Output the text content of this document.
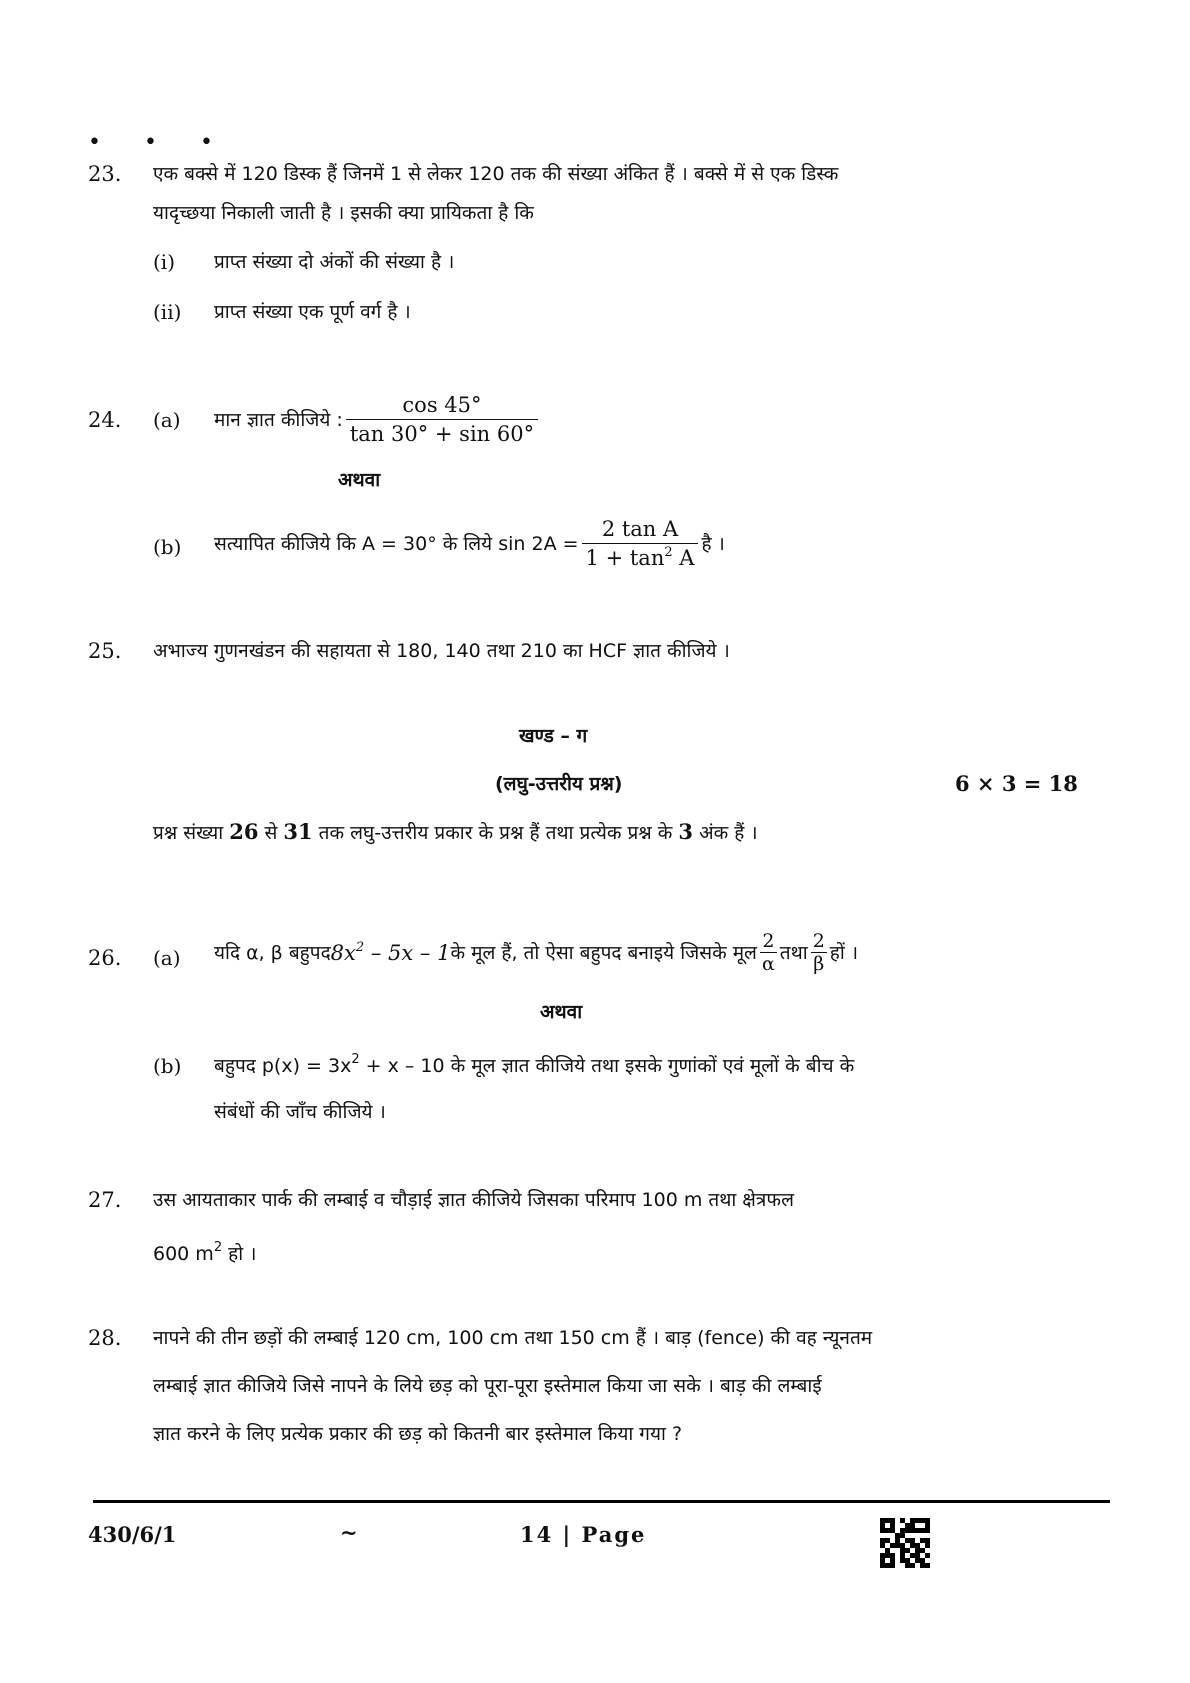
• • •
23. एक बक्से में 120 डिस्क हैं जिनमें 1 से लेकर 120 तक की संख्या अंकित हैं । बक्से में से एक डिस्क
यादृच्छया निकाली जाती है । इसकी क्या प्रायिकता है कि
(i) प्राप्त संख्या दो अंकों की संख्या है ।
(ii) प्राप्त संख्या एक पूर्ण वर्ग है ।
24. (a) मान ज्ञात कीजिये : $\frac{\cos 45^\circ}{\tan 30^\circ + \sin 60^\circ}$
अथवा
(b) सत्यापित कीजिये कि A = 30° के लिये $\sin 2A = \frac{\text{2 tan A}}{1 + \tan^2 A}$ है ।
25. अभाज्य गुणनखंडन की सहायता से 180, 140 तथा 210 का HCF ज्ञात कीजिये ।
खण्ड – ग
(लघु-उत्तरीय प्रश्न)	6 × 3 = 18
प्रश्न संख्या 26 से 31 तक लघु-उत्तरीय प्रकार के प्रश्न हैं तथा प्रत्येक प्रश्न के 3 अंक हैं ।
26. (a) यदि α, β बहुपद $8x^2 - 5x - 1$ के मूल हैं, तो ऐसा बहुपद बनाइये जिसके मूल $\frac{2}{\alpha}$ तथा $\frac{2}{\beta}$ हों ।
अथवा
(b) बहुपद $p(x) = 3x^2 + x - 10$ के मूल ज्ञात कीजिये तथा इसके गुणांकों एवं मूलों के बीच के
संबंधों की जाँच कीजिये ।
27. उस आयताकार पार्क की लम्बाई व चौड़ाई ज्ञात कीजिये जिसका परिमाप 100 m तथा क्षेत्रफल
600 $m^2$ हो ।
28. नापने की तीन छड़ों की लम्बाई 120 cm, 100 cm तथा 150 cm हैं । बाड़ (fence) की वह न्यूनतम
लम्बाई ज्ञात कीजिये जिसे नापने के लिये छड़ को पूरा-पूरा इस्तेमाल किया जा सके । बाड़ की लम्बाई
ज्ञात करने के लिए प्रत्येक प्रकार की छड़ को कितनी बार इस्तेमाल किया गया ?
430/6/1	~	14 | Page
